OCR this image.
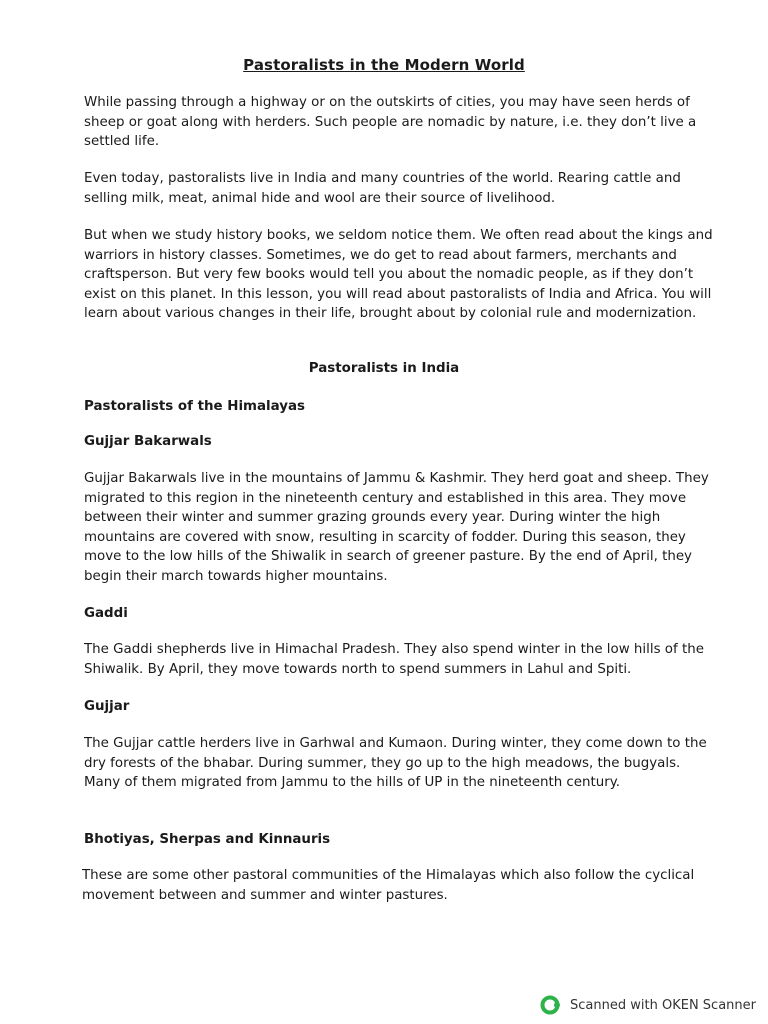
Pastoralists in the Modern World

While passing through a highway or on the outskirts of cities, you may have seen herds of sheep or goat along with herders. Such people are nomadic by nature, i.e. they don’t live a settled life.

Even today, pastoralists live in India and many countries of the world. Rearing cattle and selling milk, meat, animal hide and wool are their source of livelihood.

But when we study history books, we seldom notice them. We often read about the kings and warriors in history classes. Sometimes, we do get to read about farmers, merchants and craftsperson. But very few books would tell you about the nomadic people, as if they don’t exist on this planet. In this lesson, you will read about pastoralists of India and Africa. You will learn about various changes in their life, brought about by colonial rule and modernization.

Pastoralists in India

Pastoralists of the Himalayas

Gujjar Bakarwals

Gujjar Bakarwals live in the mountains of Jammu & Kashmir. They herd goat and sheep. They migrated to this region in the nineteenth century and established in this area. They move between their winter and summer grazing grounds every year. During winter the high mountains are covered with snow, resulting in scarcity of fodder. During this season, they move to the low hills of the Shiwalik in search of greener pasture. By the end of April, they begin their march towards higher mountains.

Gaddi

The Gaddi shepherds live in Himachal Pradesh. They also spend winter in the low hills of the Shiwalik. By April, they move towards north to spend summers in Lahul and Spiti.

Gujjar

The Gujjar cattle herders live in Garhwal and Kumaon. During winter, they come down to the dry forests of the bhabar. During summer, they go up to the high meadows, the bugyals. Many of them migrated from Jammu to the hills of UP in the nineteenth century.

Bhotiyas, Sherpas and Kinnauris

These are some other pastoral communities of the Himalayas which also follow the cyclical movement between and summer and winter pastures.

Scanned with OKEN Scanner
